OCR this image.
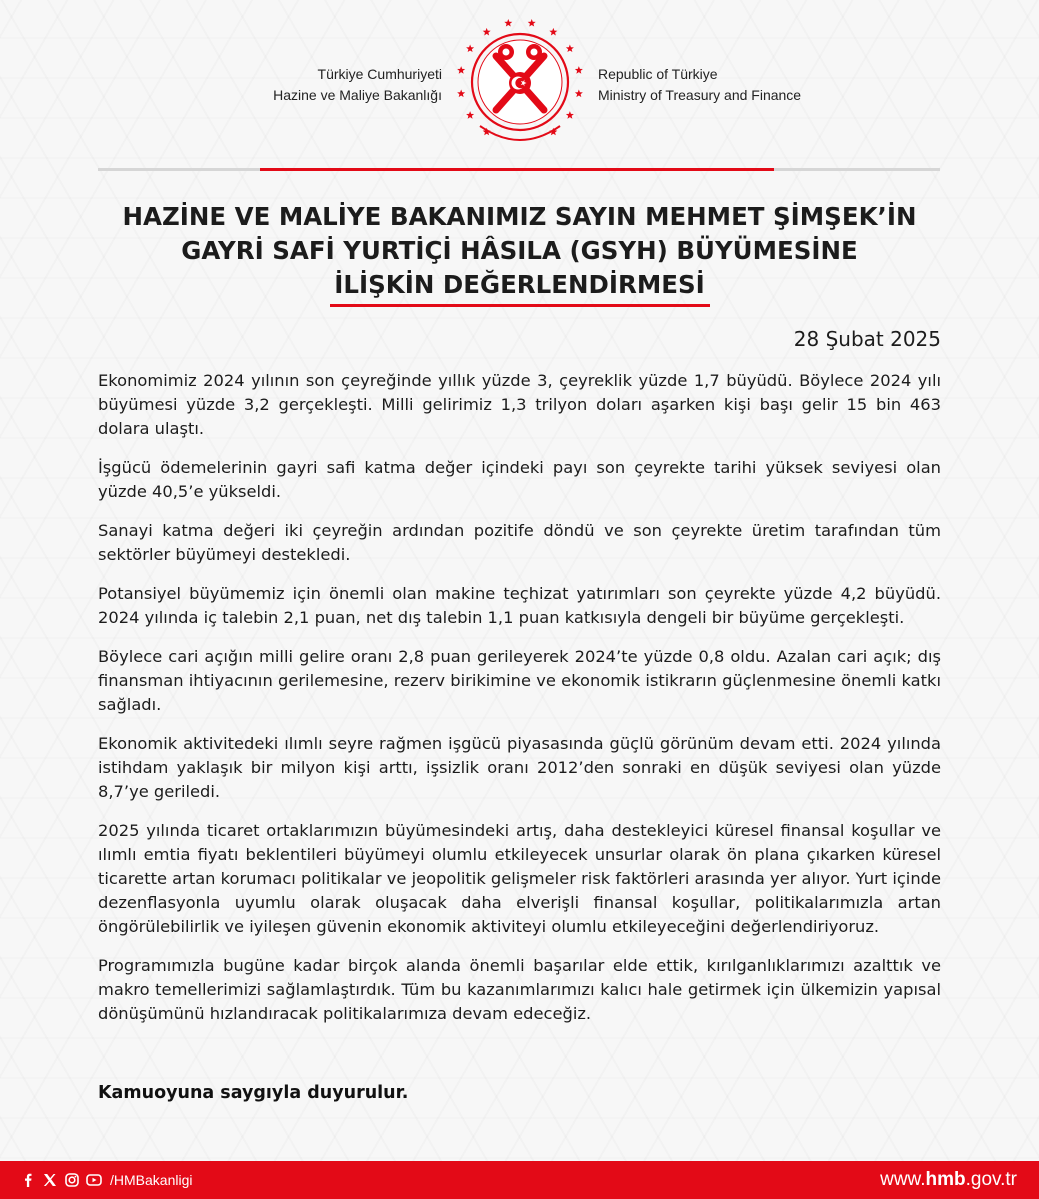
Türkiye Cumhuriyeti
Hazine ve Maliye Bakanlığı
Republic of Türkiye
Ministry of Treasury and Finance
HAZİNE VE MALİYE BAKANIMIZ SAYIN MEHMET ŞİMŞEK’İN
GAYRİ SAFİ YURTİÇİ HÂSILA (GSYH) BÜYÜMESİNE
İLİŞKİN DEĞERLENDİRMESİ
28 Şubat 2025

Ekonomimiz 2024 yılının son çeyreğinde yıllık yüzde 3, çeyreklik yüzde 1,7 büyüdü. Böylece 2024 yılı büyümesi yüzde 3,2 gerçekleşti. Milli gelirimiz 1,3 trilyon doları aşarken kişi başı gelir 15 bin 463 dolara ulaştı.

İşgücü ödemelerinin gayri safi katma değer içindeki payı son çeyrekte tarihi yüksek seviyesi olan yüzde 40,5’e yükseldi.

Sanayi katma değeri iki çeyreğin ardından pozitife döndü ve son çeyrekte üretim tarafından tüm sektörler büyümeyi destekledi.

Potansiyel büyümemiz için önemli olan makine teçhizat yatırımları son çeyrekte yüzde 4,2 büyüdü. 2024 yılında iç talebin 2,1 puan, net dış talebin 1,1 puan katkısıyla dengeli bir büyüme gerçekleşti.

Böylece cari açığın milli gelire oranı 2,8 puan gerileyerek 2024’te yüzde 0,8 oldu. Azalan cari açık; dış finansman ihtiyacının gerilemesine, rezerv birikimine ve ekonomik istikrarın güçlenmesine önemli katkı sağladı.

Ekonomik aktivitedeki ılımlı seyre rağmen işgücü piyasasında güçlü görünüm devam etti. 2024 yılında istihdam yaklaşık bir milyon kişi arttı, işsizlik oranı 2012’den sonraki en düşük seviyesi olan yüzde 8,7’ye geriledi.

2025 yılında ticaret ortaklarımızın büyümesindeki artış, daha destekleyici küresel finansal koşullar ve ılımlı emtia fiyatı beklentileri büyümeyi olumlu etkileyecek unsurlar olarak ön plana çıkarken küresel ticarette artan korumacı politikalar ve jeopolitik gelişmeler risk faktörleri arasında yer alıyor. Yurt içinde dezenflasyonla uyumlu olarak oluşacak daha elverişli finansal koşullar, politikalarımızla artan öngörülebilirlik ve iyileşen güvenin ekonomik aktiviteyi olumlu etkileyeceğini değerlendiriyoruz.

Programımızla bugüne kadar birçok alanda önemli başarılar elde ettik, kırılganlıklarımızı azalttık ve makro temellerimizi sağlamlaştırdık. Tüm bu kazanımlarımızı kalıcı hale getirmek için ülkemizin yapısal dönüşümünü hızlandıracak politikalarımıza devam edeceğiz.

Kamuoyuna saygıyla duyurulur.
/HMBakanligi	www.hmb.gov.tr
